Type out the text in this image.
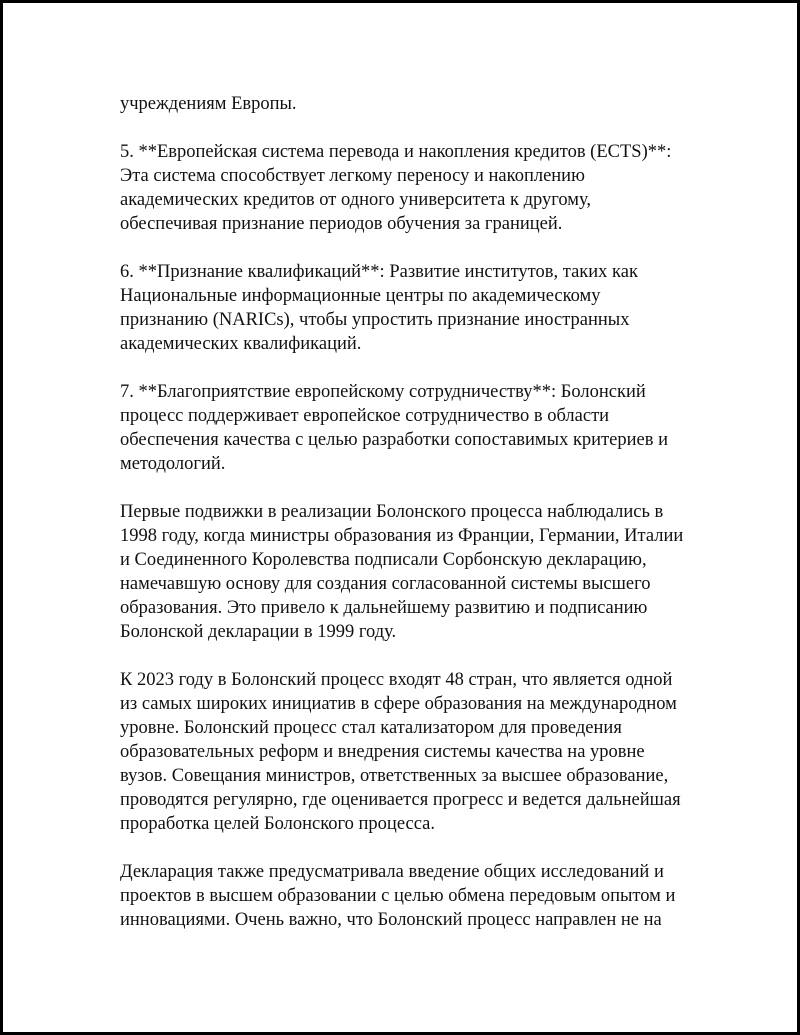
учреждениям Европы.
5. **Европейская система перевода и накопления кредитов (ECTS)**:
Эта система способствует легкому переносу и накоплению
академических кредитов от одного университета к другому,
обеспечивая признание периодов обучения за границей.
6. **Признание квалификаций**: Развитие институтов, таких как
Национальные информационные центры по академическому
признанию (NARICs), чтобы упростить признание иностранных
академических квалификаций.
7. **Благоприятствие европейскому сотрудничеству**: Болонский
процесс поддерживает европейское сотрудничество в области
обеспечения качества с целью разработки сопоставимых критериев и
методологий.
Первые подвижки в реализации Болонского процесса наблюдались в
1998 году, когда министры образования из Франции, Германии, Италии
и Соединенного Королевства подписали Сорбонскую декларацию,
намечавшую основу для создания согласованной системы высшего
образования. Это привело к дальнейшему развитию и подписанию
Болонской декларации в 1999 году.
К 2023 году в Болонский процесс входят 48 стран, что является одной
из самых широких инициатив в сфере образования на международном
уровне. Болонский процесс стал катализатором для проведения
образовательных реформ и внедрения системы качества на уровне
вузов. Совещания министров, ответственных за высшее образование,
проводятся регулярно, где оценивается прогресс и ведется дальнейшая
проработка целей Болонского процесса.
Декларация также предусматривала введение общих исследований и
проектов в высшем образовании с целью обмена передовым опытом и
инновациями. Очень важно, что Болонский процесс направлен не на
